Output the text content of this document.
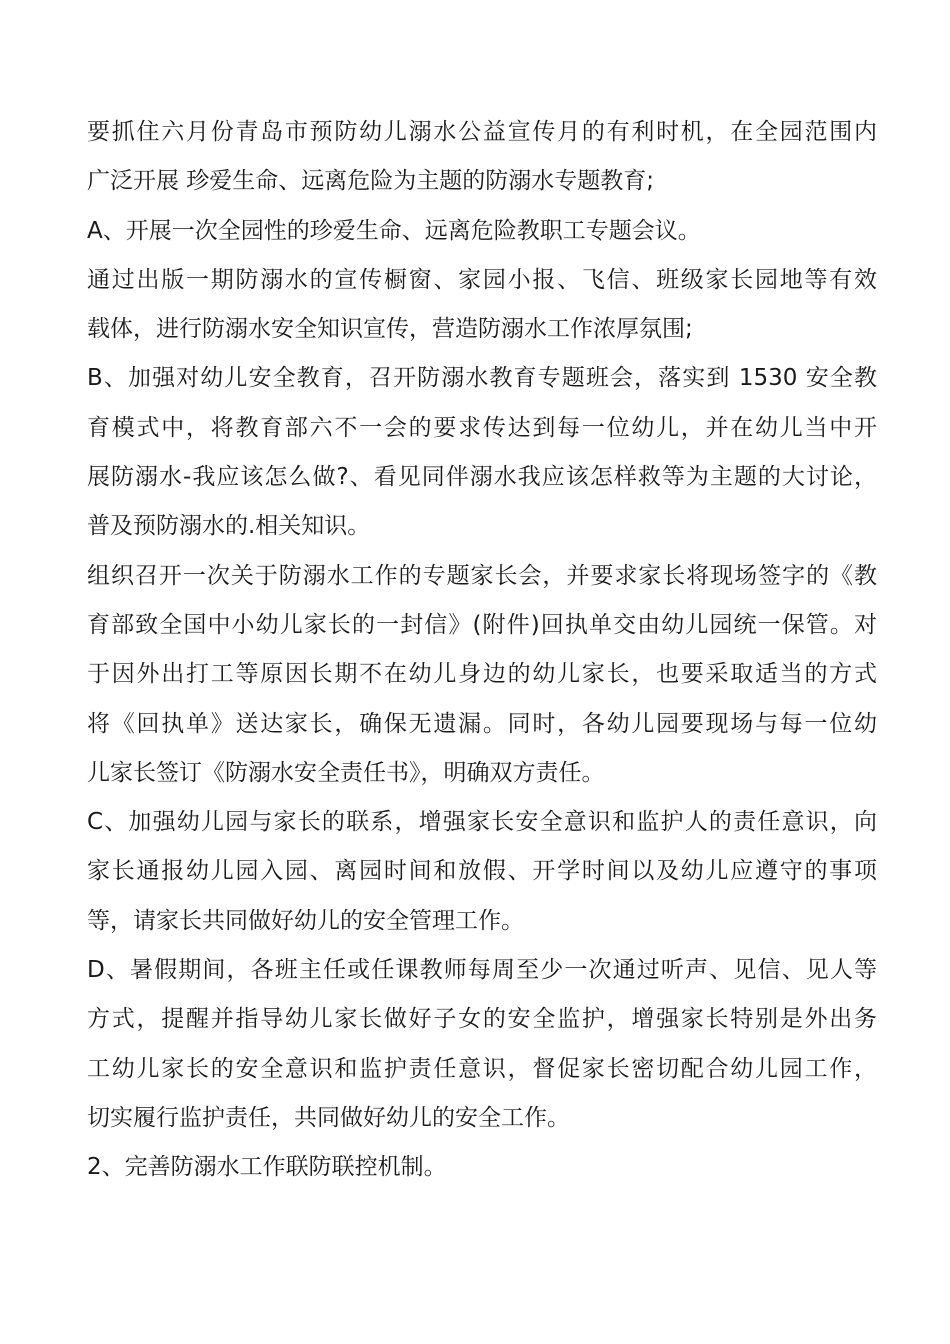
要抓住六月份青岛市预防幼儿溺水公益宣传月的有利时机，在全园范围内
广泛开展 珍爱生命、远离危险为主题的防溺水专题教育;
A、开展一次全园性的珍爱生命、远离危险教职工专题会议。
通过出版一期防溺水的宣传橱窗、家园小报、飞信、班级家长园地等有效
载体，进行防溺水安全知识宣传，营造防溺水工作浓厚氛围;
B、加强对幼儿安全教育，召开防溺水教育专题班会，落实到 1530 安全教
育模式中，将教育部六不一会的要求传达到每一位幼儿，并在幼儿当中开
展防溺水-我应该怎么做?、看见同伴溺水我应该怎样救等为主题的大讨论，
普及预防溺水的.相关知识。
组织召开一次关于防溺水工作的专题家长会，并要求家长将现场签字的《教
育部致全国中小幼儿家长的一封信》(附件)回执单交由幼儿园统一保管。对
于因外出打工等原因长期不在幼儿身边的幼儿家长，也要采取适当的方式
将《回执单》送达家长，确保无遗漏。同时，各幼儿园要现场与每一位幼
儿家长签订《防溺水安全责任书》，明确双方责任。
C、加强幼儿园与家长的联系，增强家长安全意识和监护人的责任意识，向
家长通报幼儿园入园、离园时间和放假、开学时间以及幼儿应遵守的事项
等，请家长共同做好幼儿的安全管理工作。
D、暑假期间，各班主任或任课教师每周至少一次通过听声、见信、见人等
方式，提醒并指导幼儿家长做好子女的安全监护，增强家长特别是外出务
工幼儿家长的安全意识和监护责任意识，督促家长密切配合幼儿园工作，
切实履行监护责任，共同做好幼儿的安全工作。
2、完善防溺水工作联防联控机制。
